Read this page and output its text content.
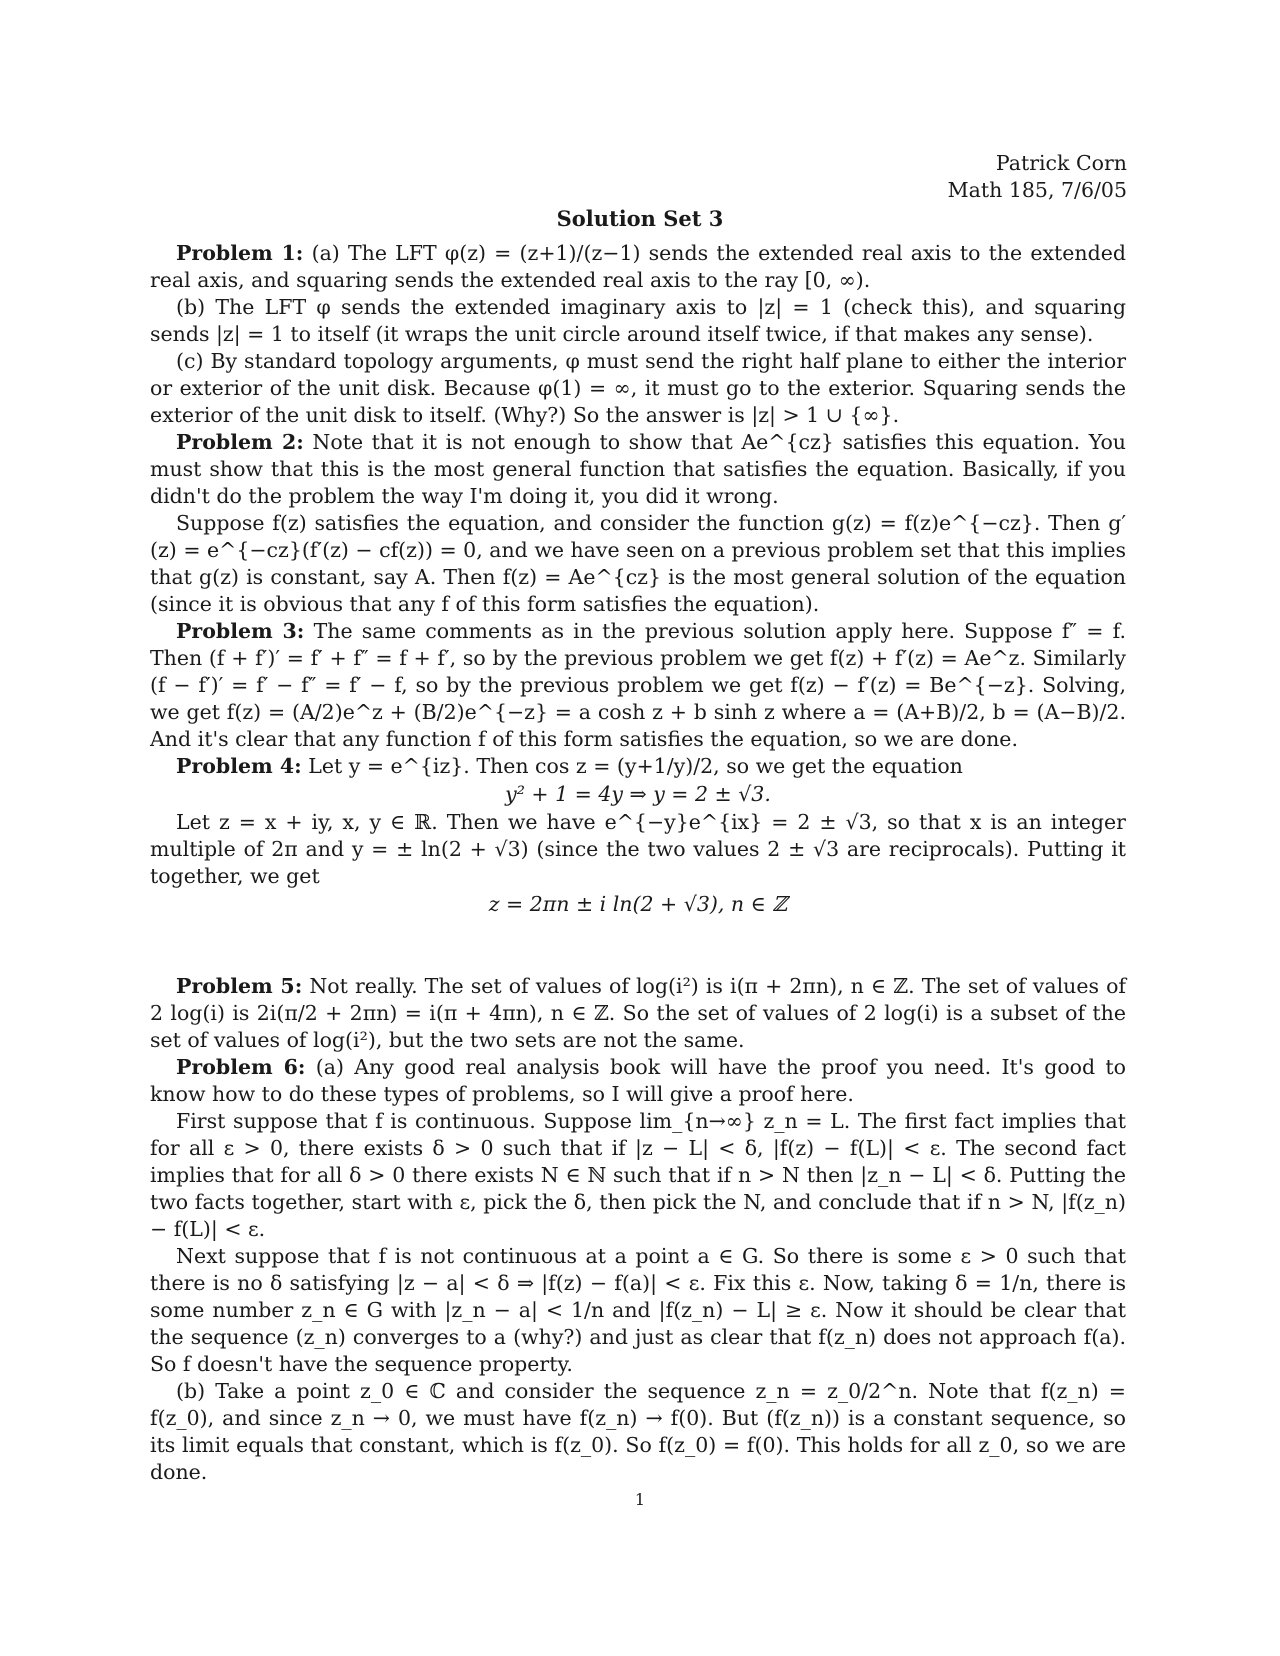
Patrick Corn
Math 185, 7/6/05
Solution Set 3

Problem 1: (a) The LFT φ(z) = (z+1)/(z−1) sends the extended real axis to the extended real axis, and squaring sends the extended real axis to the ray [0, ∞).

(b) The LFT φ sends the extended imaginary axis to |z| = 1 (check this), and squaring sends |z| = 1 to itself (it wraps the unit circle around itself twice, if that makes any sense).

(c) By standard topology arguments, φ must send the right half plane to either the interior or exterior of the unit disk. Because φ(1) = ∞, it must go to the exterior. Squaring sends the exterior of the unit disk to itself. (Why?) So the answer is |z| > 1 ∪ {∞}.

Problem 2: Note that it is not enough to show that Ae^{cz} satisfies this equation. You must show that this is the most general function that satisfies the equation. Basically, if you didn't do the problem the way I'm doing it, you did it wrong.

Suppose f(z) satisfies the equation, and consider the function g(z) = f(z)e^{−cz}. Then g′(z) = e^{−cz}(f′(z) − cf(z)) = 0, and we have seen on a previous problem set that this implies that g(z) is constant, say A. Then f(z) = Ae^{cz} is the most general solution of the equation (since it is obvious that any f of this form satisfies the equation).

Problem 3: The same comments as in the previous solution apply here. Suppose f″ = f. Then (f + f′)′ = f′ + f″ = f + f′, so by the previous problem we get f(z) + f′(z) = Ae^z. Similarly (f − f′)′ = f′ − f″ = f′ − f, so by the previous problem we get f(z) − f′(z) = Be^{−z}. Solving, we get f(z) = (A/2)e^z + (B/2)e^{−z} = a cosh z + b sinh z where a = (A+B)/2, b = (A−B)/2. And it's clear that any function f of this form satisfies the equation, so we are done.

Problem 4: Let y = e^{iz}. Then cos z = (y+1/y)/2, so we get the equation

y² + 1 = 4y ⇒ y = 2 ± √3.

Let z = x + iy, x, y ∈ ℝ. Then we have e^{−y}e^{ix} = 2 ± √3, so that x is an integer multiple of 2π and y = ± ln(2 + √3) (since the two values 2 ± √3 are reciprocals). Putting it together, we get

z = 2πn ± i ln(2 + √3), n ∈ ℤ

Problem 5: Not really. The set of values of log(i²) is i(π + 2πn), n ∈ ℤ. The set of values of 2 log(i) is 2i(π/2 + 2πn) = i(π + 4πn), n ∈ ℤ. So the set of values of 2 log(i) is a subset of the set of values of log(i²), but the two sets are not the same.

Problem 6: (a) Any good real analysis book will have the proof you need. It's good to know how to do these types of problems, so I will give a proof here.

First suppose that f is continuous. Suppose lim_{n→∞} z_n = L. The first fact implies that for all ε > 0, there exists δ > 0 such that if |z − L| < δ, |f(z) − f(L)| < ε. The second fact implies that for all δ > 0 there exists N ∈ ℕ such that if n > N then |z_n − L| < δ. Putting the two facts together, start with ε, pick the δ, then pick the N, and conclude that if n > N, |f(z_n) − f(L)| < ε.

Next suppose that f is not continuous at a point a ∈ G. So there is some ε > 0 such that there is no δ satisfying |z − a| < δ ⇒ |f(z) − f(a)| < ε. Fix this ε. Now, taking δ = 1/n, there is some number z_n ∈ G with |z_n − a| < 1/n and |f(z_n) − L| ≥ ε. Now it should be clear that the sequence (z_n) converges to a (why?) and just as clear that f(z_n) does not approach f(a). So f doesn't have the sequence property.

(b) Take a point z_0 ∈ ℂ and consider the sequence z_n = z_0/2^n. Note that f(z_n) = f(z_0), and since z_n → 0, we must have f(z_n) → f(0). But (f(z_n)) is a constant sequence, so its limit equals that constant, which is f(z_0). So f(z_0) = f(0). This holds for all z_0, so we are done.

1
